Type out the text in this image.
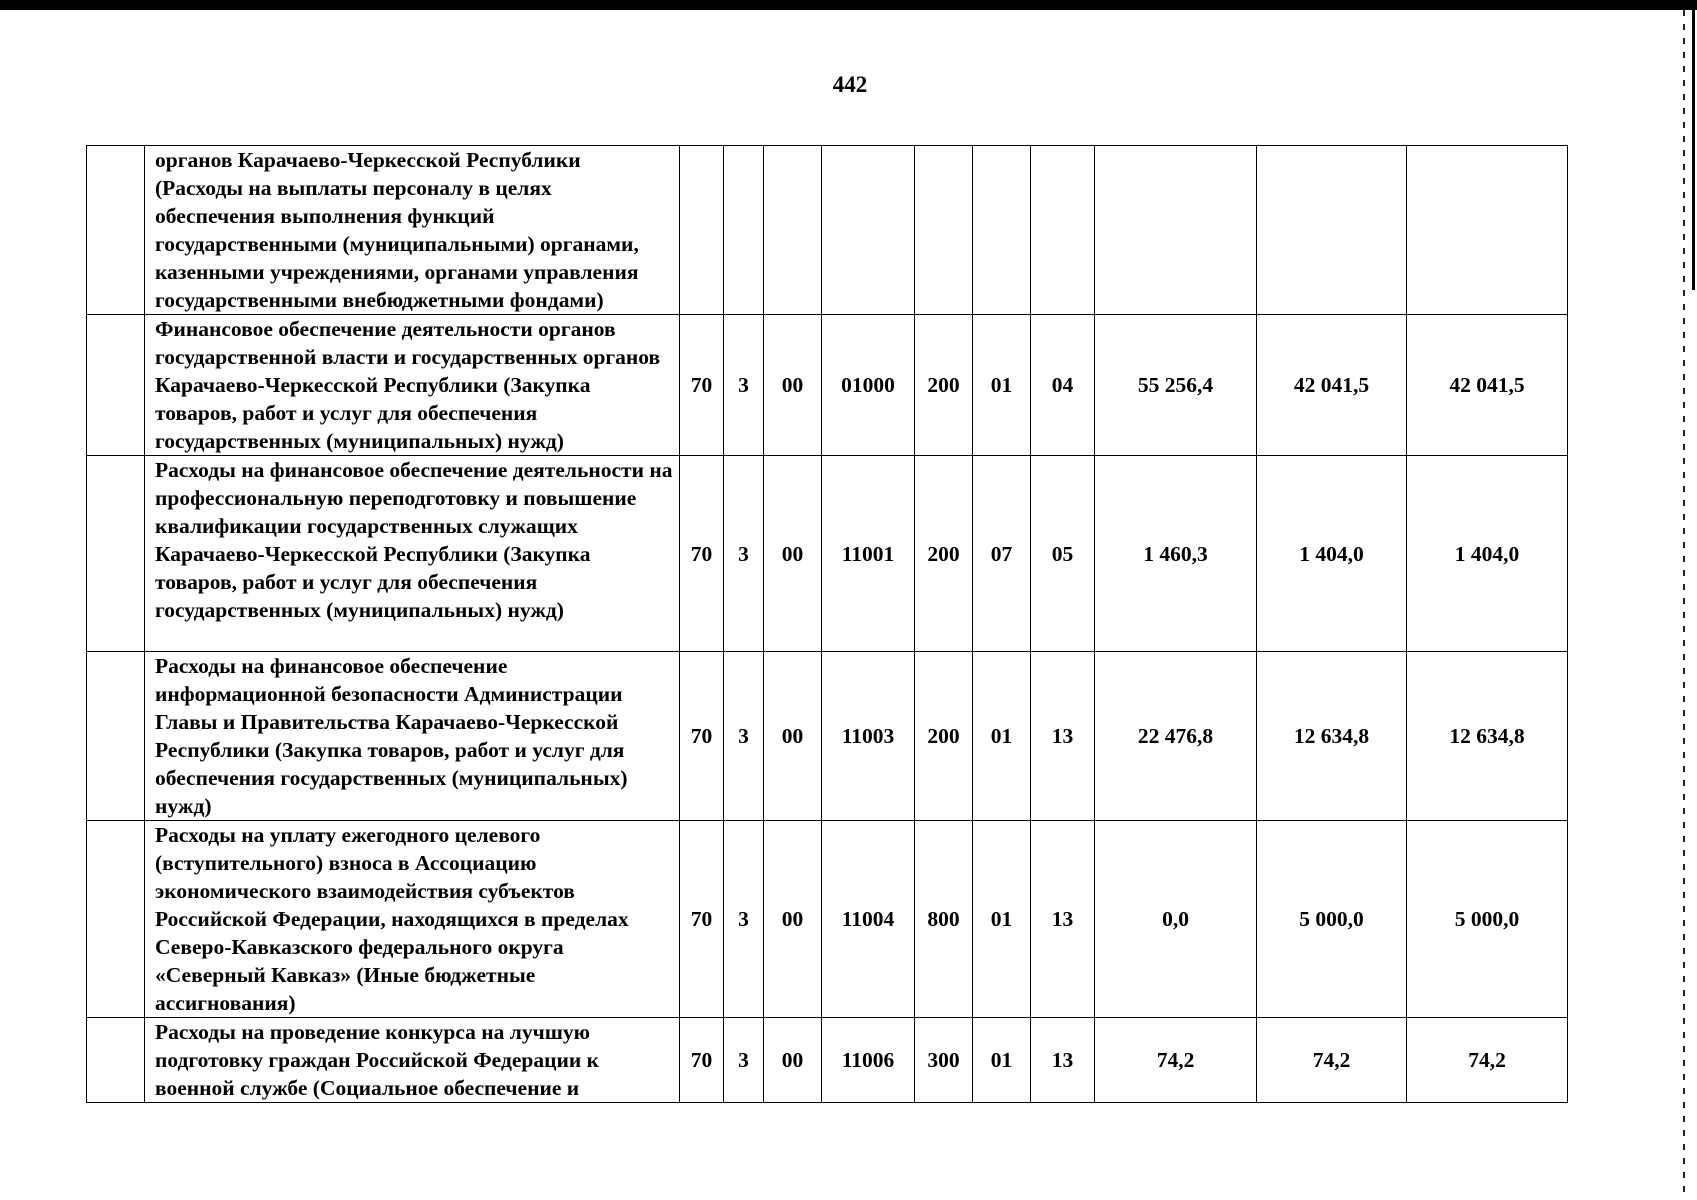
442
	органов Карачаево-Черкесской Республики (Расходы на выплаты персоналу в целях обеспечения выполнения функций государственными (муниципальными) органами, казенными учреждениями, органами управления государственными внебюджетными фондами)										
	Финансовое обеспечение деятельности органов государственной власти и государственных органов Карачаево-Черкесской Республики (Закупка товаров, работ и услуг для обеспечения государственных (муниципальных) нужд)	70	3	00	01000	200	01	04	55 256,4	42 041,5	42 041,5
	Расходы на финансовое обеспечение деятельности на профессиональную переподготовку и повышение квалификации государственных служащих Карачаево-Черкесской Республики (Закупка товаров, работ и услуг для обеспечения государственных (муниципальных) нужд)	70	3	00	11001	200	07	05	1 460,3	1 404,0	1 404,0
	Расходы на финансовое обеспечение информационной безопасности Администрации Главы и Правительства Карачаево-Черкесской Республики (Закупка товаров, работ и услуг для обеспечения государственных (муниципальных) нужд)	70	3	00	11003	200	01	13	22 476,8	12 634,8	12 634,8
	Расходы на уплату ежегодного целевого (вступительного) взноса в Ассоциацию экономического взаимодействия субъектов Российской Федерации, находящихся в пределах Северо-Кавказского федерального округа «Северный Кавказ» (Иные бюджетные ассигнования)	70	3	00	11004	800	01	13	0,0	5 000,0	5 000,0
	Расходы на проведение конкурса на лучшую подготовку граждан Российской Федерации к военной службе (Социальное обеспечение и	70	3	00	11006	300	01	13	74,2	74,2	74,2
